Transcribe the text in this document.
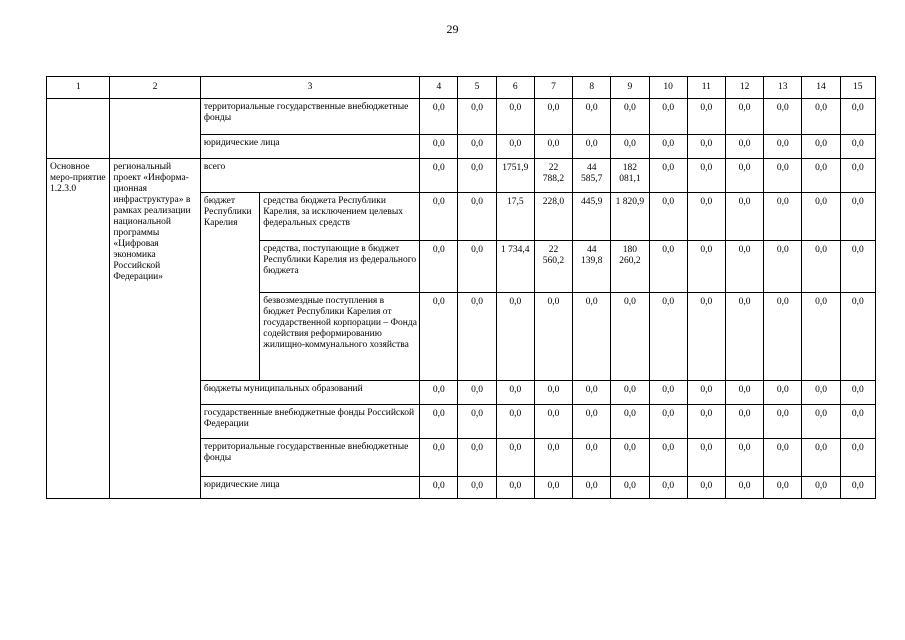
29
1	2	3		4	5	6	7	8	9	10	11	12	13	14	15
		территориальные государственные внебюджетные фонды		0,0	0,0	0,0	0,0	0,0	0,0	0,0	0,0	0,0	0,0	0,0	0,0
		юридические лица		0,0	0,0	0,0	0,0	0,0	0,0	0,0	0,0	0,0	0,0	0,0	0,0
Основное меро-приятие 1.2.3.0	региональный проект «Информа-ционная инфраструктура» в рамках реализации национальной программы «Цифровая экономика Российской Федерации»	всего		0,0	0,0	1751,9	22 788,2	44 585,7	182 081,1	0,0	0,0	0,0	0,0	0,0	0,0
		бюджет Республики Карелия	средства бюджета Республики Карелия, за исключением целевых федеральных средств	0,0	0,0	17,5	228,0	445,9	1 820,9	0,0	0,0	0,0	0,0	0,0	0,0
			средства, поступающие в бюджет Республики Карелия из федерального бюджета	0,0	0,0	1 734,4	22 560,2	44 139,8	180 260,2	0,0	0,0	0,0	0,0	0,0	0,0
			безвозмездные поступления в бюджет Республики Карелия от государственной корпорации – Фонда содействия реформированию жилищно-коммунального хозяйства	0,0	0,0	0,0	0,0	0,0	0,0	0,0	0,0	0,0	0,0	0,0	0,0
		бюджеты муниципальных образований		0,0	0,0	0,0	0,0	0,0	0,0	0,0	0,0	0,0	0,0	0,0	0,0
		государственные внебюджетные фонды Российской Федерации		0,0	0,0	0,0	0,0	0,0	0,0	0,0	0,0	0,0	0,0	0,0	0,0
		территориальные государственные внебюджетные фонды		0,0	0,0	0,0	0,0	0,0	0,0	0,0	0,0	0,0	0,0	0,0	0,0
		юридические лица		0,0	0,0	0,0	0,0	0,0	0,0	0,0	0,0	0,0	0,0	0,0	0,0
